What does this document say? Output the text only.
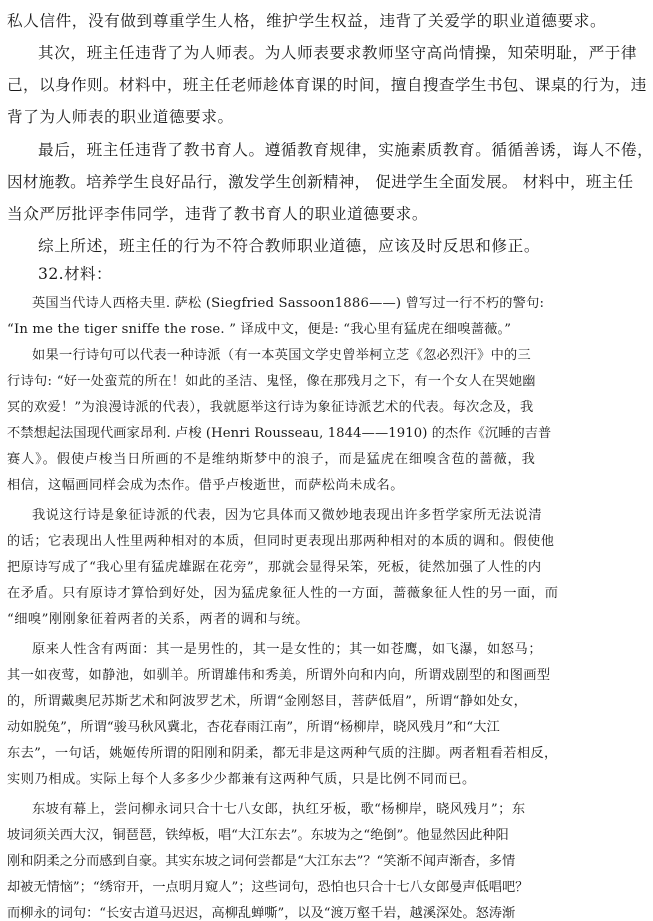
私人信件，没有做到尊重学生人格，维护学生权益，违背了关爱学的职业道德要求。
其次，班主任违背了为人师表。为人师表要求教师坚守高尚情操，知荣明耻，严于律
己，以身作则。材料中，班主任老师趁体育课的时间，擅自搜查学生书包、课桌的行为，违
背了为人师表的职业道德要求。
最后，班主任违背了教书育人。遵循教育规律，实施素质教育。循循善诱，诲人不倦，
因材施教。培养学生良好品行，激发学生创新精神， 促进学生全面发展。 材料中，班主任
当众严厉批评李伟同学，违背了教书育人的职业道德要求。
综上所述，班主任的行为不符合教师职业道德，应该及时反思和修正。
32.材料：
英国当代诗人西格夫里. 萨松 (Siegfried Sassoon1886——) 曾写过一行不朽的警句:
“In me the tiger sniffe the rose. ” 译成中文，便是: “我心里有猛虎在细嗅蔷薇。”
如果一行诗句可以代表一种诗派（有一本英国文学史曾举柯立芝《忽必烈汗》中的三
行诗句: “好一处蛮荒的所在！如此的圣洁、鬼怪，像在那残月之下，有一个女人在哭她幽
冥的欢爱！”为浪漫诗派的代表），我就愿举这行诗为象征诗派艺术的代表。每次念及，我
不禁想起法国现代画家昂利. 卢梭 (Henri Rousseau, 1844——1910) 的杰作《沉睡的吉普
赛人》。假使卢梭当日所画的不是维纳斯梦中的浪子，而是猛虎在细嗅含苞的蔷薇，我
相信，这幅画同样会成为杰作。借乎卢梭逝世，而萨松尚未成名。
我说这行诗是象征诗派的代表，因为它具体而又微妙地表现出许多哲学家所无法说清
的话；它表现出人性里两种相对的本质，但同时更表现出那两种相对的本质的调和。假使他
把原诗写成了“我心里有猛虎雄踞在花旁”，那就会显得呆笨，死板，徒然加强了人性的内
在矛盾。只有原诗才算恰到好处，因为猛虎象征人性的一方面，蔷薇象征人性的另一面，而
“细嗅”刚刚象征着两者的关系，两者的调和与统。
原来人性含有两面：其一是男性的，其一是女性的；其一如苍鹰，如飞瀑，如怒马；
其一如夜莺，如静池，如驯羊。所谓雄伟和秀美，所谓外向和内向，所谓戏剧型的和图画型
的，所谓戴奥尼苏斯艺术和阿波罗艺术，所谓“金刚怒目，菩萨低眉”，所谓“静如处女，
动如脱兔”，所谓“骏马秋风冀北，杏花春雨江南”，所谓“杨柳岸，晓风残月”和“大江
东去”，一句话，姚姬传所谓的阳刚和阴柔，都无非是这两种气质的注脚。两者粗看若相反，
实则乃相成。实际上每个人多多少少都兼有这两种气质，只是比例不同而已。
东坡有幕上，尝问柳永词只合十七八女郎，执红牙板，歌“杨柳岸，晓风残月”；东
坡词须关西大汉，铜琶琶，铁绰板，唱“大江东去”。东坡为之“绝倒”。他显然因此种阳
刚和阴柔之分而感到自豪。其实东坡之词何尝都是“大江东去”？“笑渐不闻声渐杳，多情
却被无情恼”；“绣帘开，一点明月窥人”；这些词句，恐怕也只合十七八女郎曼声低唱吧？
而柳永的词句：“长安古道马迟迟，高柳乱蝉嘶”，以及“渡万壑千岩，越溪深处。怒涛渐
